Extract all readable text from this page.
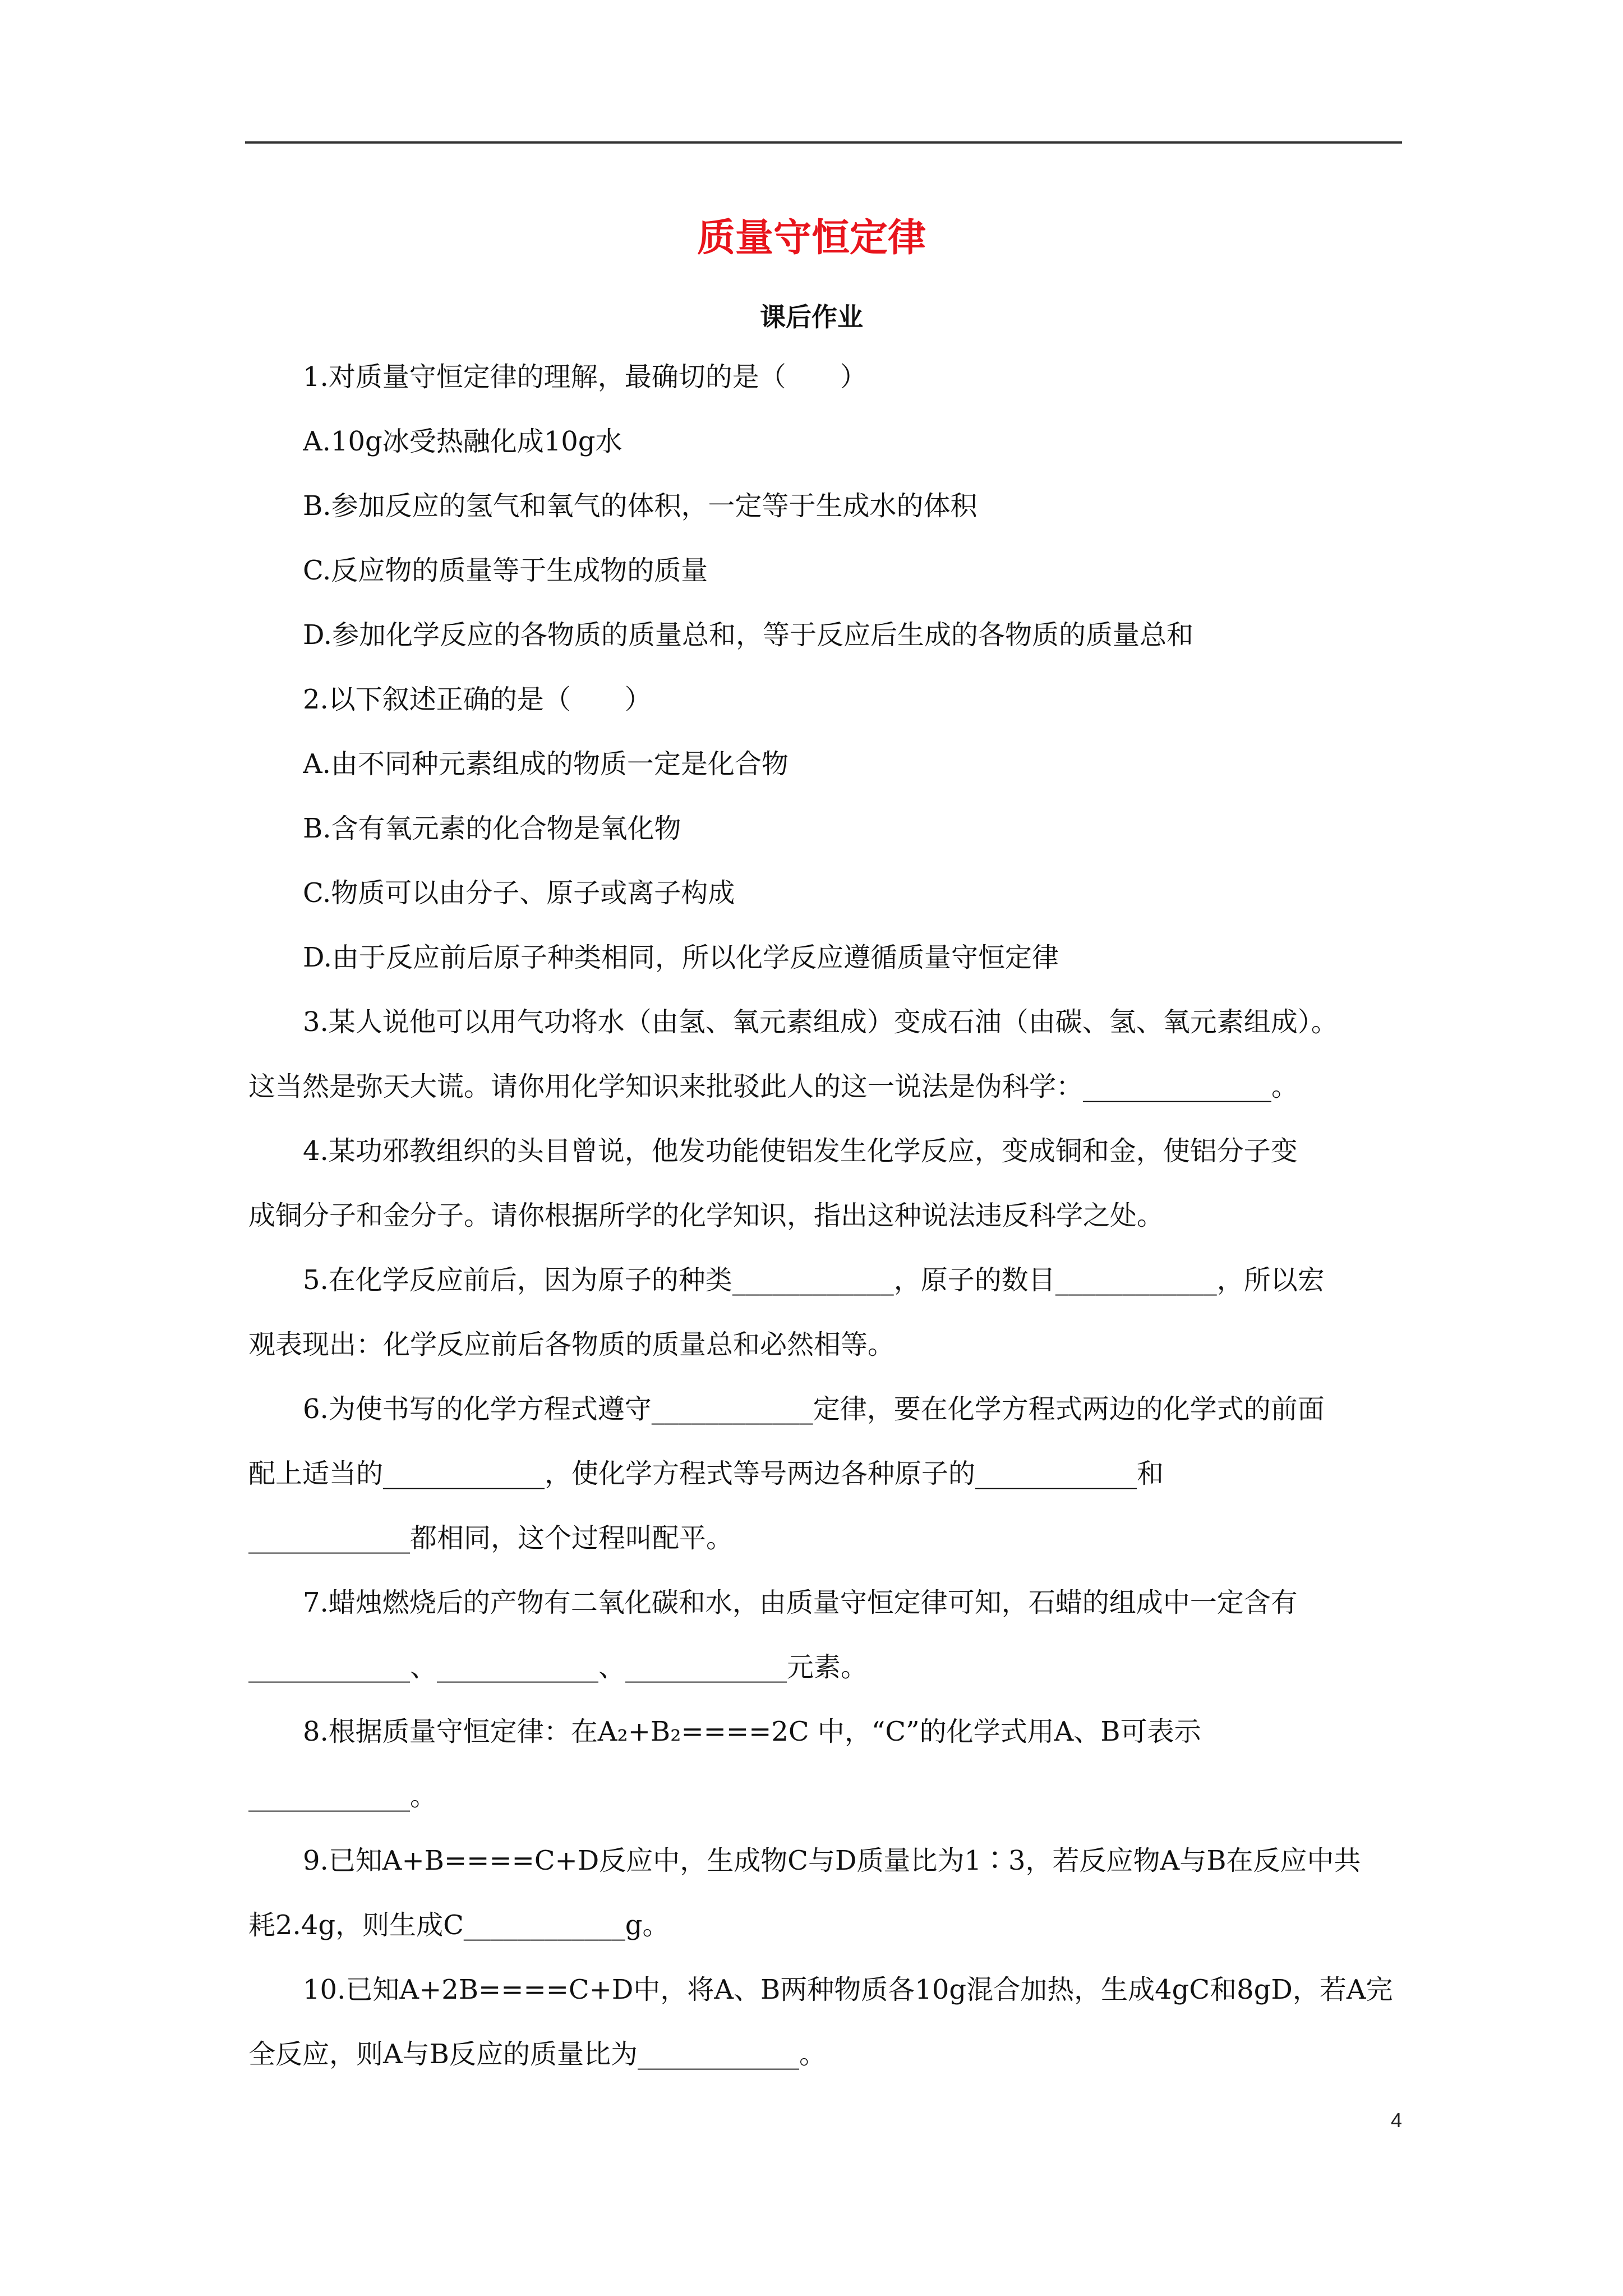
质量守恒定律
课后作业
1.对质量守恒定律的理解，最确切的是（　　）
A.10g冰受热融化成10g水
B.参加反应的氢气和氧气的体积，一定等于生成水的体积
C.反应物的质量等于生成物的质量
D.参加化学反应的各物质的质量总和，等于反应后生成的各物质的质量总和
2.以下叙述正确的是（　　）
A.由不同种元素组成的物质一定是化合物
B.含有氧元素的化合物是氧化物
C.物质可以由分子、原子或离子构成
D.由于反应前后原子种类相同，所以化学反应遵循质量守恒定律
3.某人说他可以用气功将水（由氢、氧元素组成）变成石油（由碳、氢、氧元素组成）。
这当然是弥天大谎。请你用化学知识来批驳此人的这一说法是伪科学：______________。
4.某功邪教组织的头目曾说，他发功能使铝发生化学反应，变成铜和金，使铝分子变
成铜分子和金分子。请你根据所学的化学知识，指出这种说法违反科学之处。
5.在化学反应前后，因为原子的种类____________，原子的数目____________，所以宏
观表现出：化学反应前后各物质的质量总和必然相等。
6.为使书写的化学方程式遵守____________定律，要在化学方程式两边的化学式的前面
配上适当的____________，使化学方程式等号两边各种原子的____________和
____________都相同，这个过程叫配平。
7.蜡烛燃烧后的产物有二氧化碳和水，由质量守恒定律可知，石蜡的组成中一定含有
____________、____________、____________元素。
8.根据质量守恒定律：在A₂+B₂====2C 中，“C”的化学式用A、B可表示
____________。
9.已知A+B====C+D反应中，生成物C与D质量比为1∶3，若反应物A与B在反应中共
耗2.4g，则生成C____________g。
10.已知A+2B====C+D中，将A、B两种物质各10g混合加热，生成4gC和8gD，若A完
全反应，则A与B反应的质量比为____________。
4
